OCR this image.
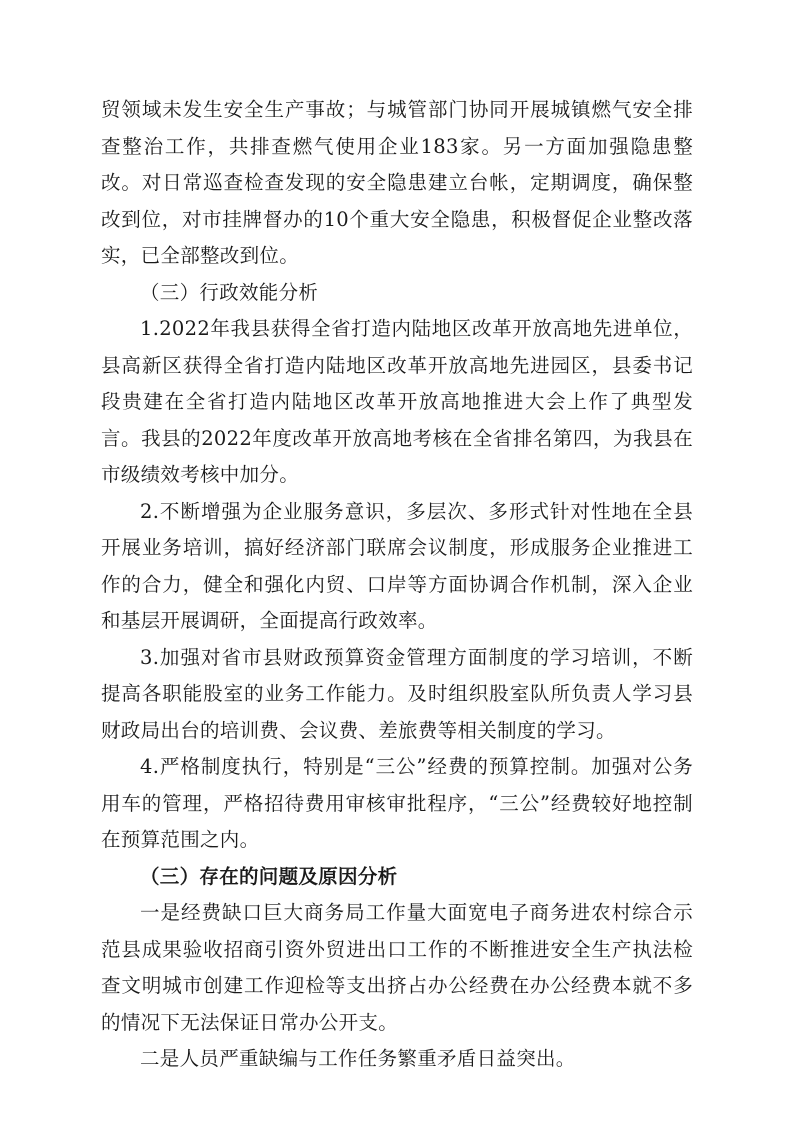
贸领域未发生安全生产事故；与城管部门协同开展城镇燃气安全排查整治工作，共排查燃气使用企业183家。另一方面加强隐患整改。对日常巡查检查发现的安全隐患建立台帐，定期调度，确保整改到位，对市挂牌督办的10个重大安全隐患，积极督促企业整改落实，已全部整改到位。

（三）行政效能分析

1.2022年我县获得全省打造内陆地区改革开放高地先进单位，县高新区获得全省打造内陆地区改革开放高地先进园区，县委书记段贵建在全省打造内陆地区改革开放高地推进大会上作了典型发言。我县的2022年度改革开放高地考核在全省排名第四，为我县在市级绩效考核中加分。

2.不断增强为企业服务意识，多层次、多形式针对性地在全县开展业务培训，搞好经济部门联席会议制度，形成服务企业推进工作的合力，健全和强化内贸、口岸等方面协调合作机制，深入企业和基层开展调研，全面提高行政效率。

3.加强对省市县财政预算资金管理方面制度的学习培训，不断提高各职能股室的业务工作能力。及时组织股室队所负责人学习县财政局出台的培训费、会议费、差旅费等相关制度的学习。

4.严格制度执行，特别是“三公”经费的预算控制。加强对公务用车的管理，严格招待费用审核审批程序，“三公”经费较好地控制在预算范围之内。

（三）存在的问题及原因分析

一是经费缺口巨大商务局工作量大面宽电子商务进农村综合示范县成果验收招商引资外贸进出口工作的不断推进安全生产执法检查文明城市创建工作迎检等支出挤占办公经费在办公经费本就不多的情况下无法保证日常办公开支。

二是人员严重缺编与工作任务繁重矛盾日益突出。
